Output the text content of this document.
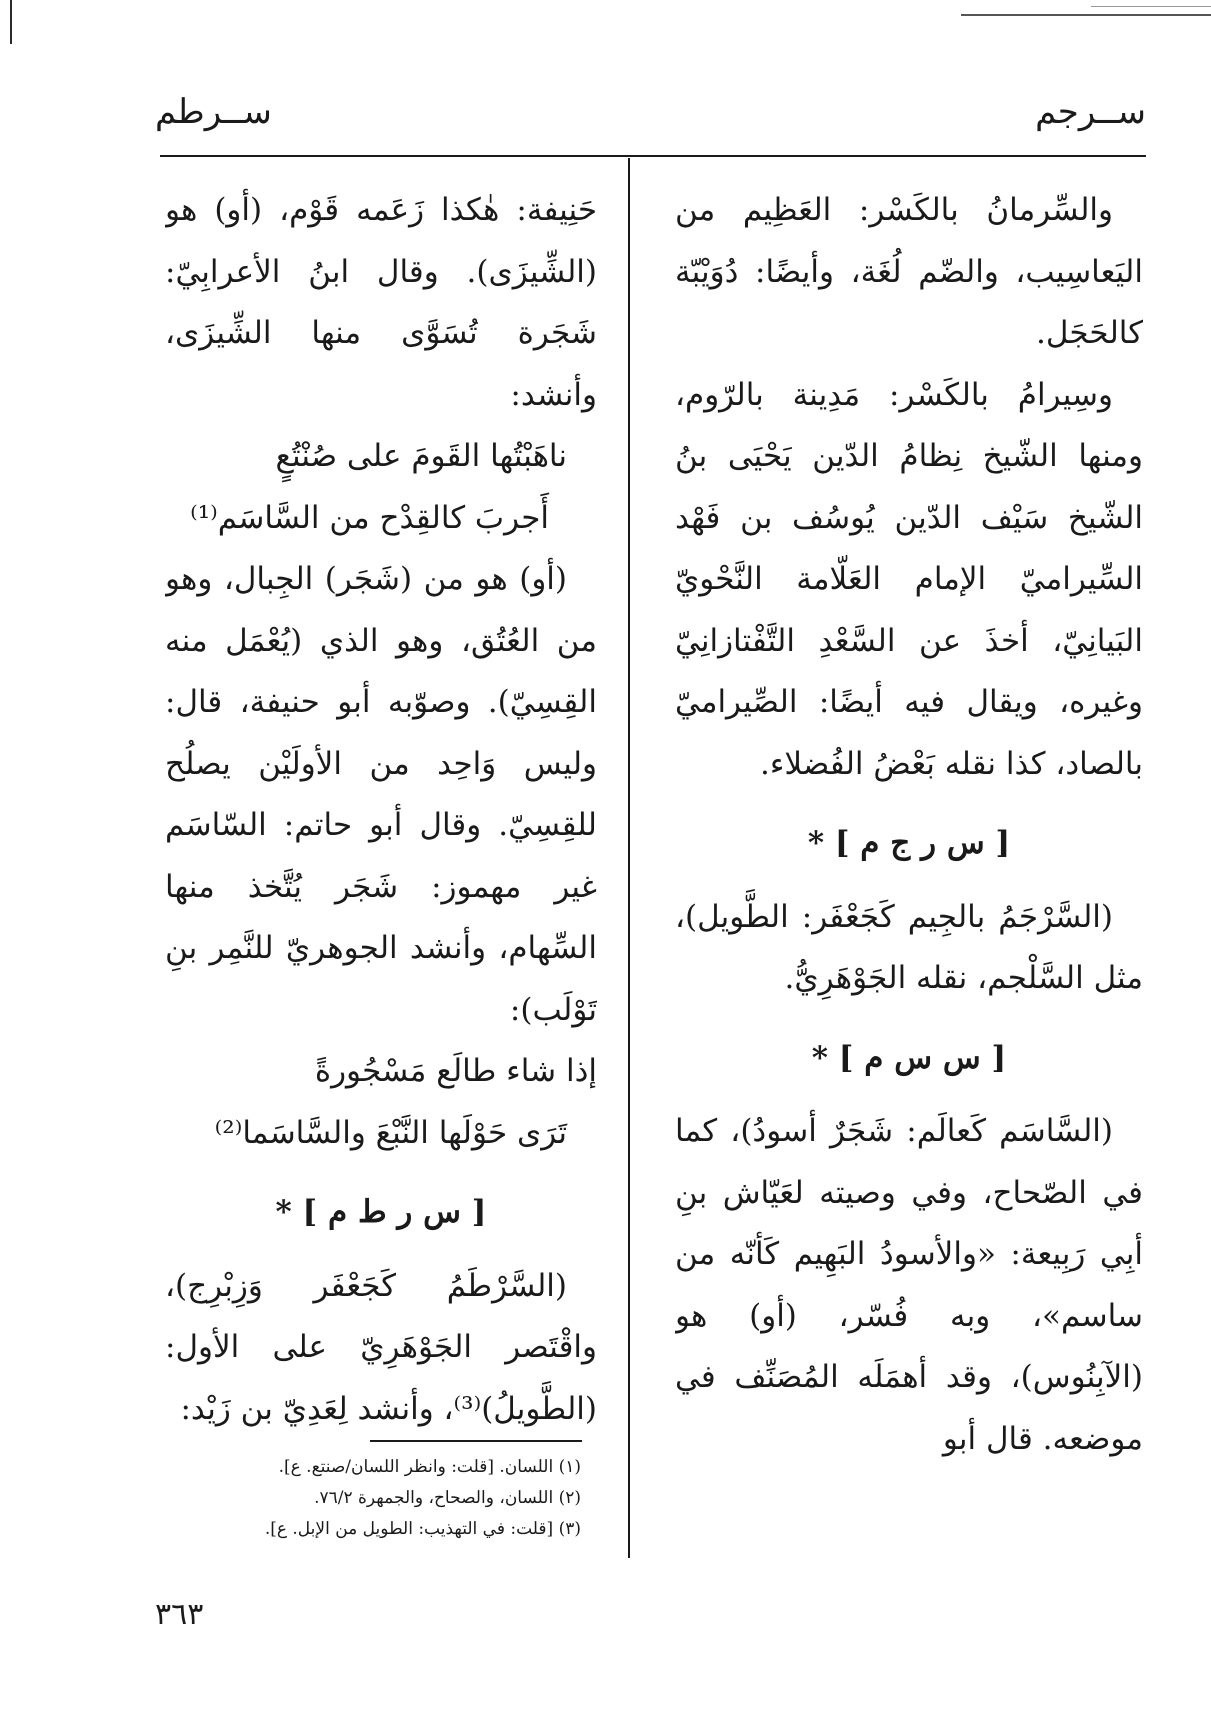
ســرجم
ســرطم

والسِّرمانُ بالكَسْر: العَظِيم من اليَعاسِيب، والضّم لُغَة، وأيضًا: دُوَيْبّة كالحَجَل.

وسِيرامُ بالكَسْر: مَدِينة بالرّوم، ومنها الشّيخ نِظامُ الدّين يَحْيَى بنُ الشّيخ سَيْف الدّين يُوسُف بن فَهْد السِّيراميّ الإمام العَلّامة النَّحْويّ البَيانِيّ، أخذَ عن السَّعْدِ التَّفْتازانِيّ وغيره، ويقال فيه أيضًا: الصِّيراميّ بالصاد، كذا نقله بَعْضُ الفُضلاء.

[ س ر ج م ] *

(السَّرْجَمُ بالجِيم كَجَعْفَر: الطَّويل)، مثل السَّلْجم، نقله الجَوْهَرِيُّ.

[ س س م ] *

(السَّاسَم كَعالَم: شَجَرٌ أسودُ)، كما في الصّحاح، وفي وصيته لعَيّاش بنِ أبِي رَبِيعة: «والأسودُ البَهِيم كَأنّه من ساسم»، وبه فُسّر، (أو) هو (الآبِنُوس)، وقد أهمَلَه المُصَنِّف في موضعه. قال أبو

حَنِيفة: هٰكذا زَعَمه قَوْم، (أو) هو (الشِّيزَى). وقال ابنُ الأعرابِيّ: شَجَرة تُسَوَّى منها الشِّيزَى، وأنشد:

ناهَبْتُها القَومَ على صُنْتُعٍ

أَجربَ كالقِدْح من السَّاسَم⁽¹⁾

(أو) هو من (شَجَر) الجِبال، وهو من العُتُق، وهو الذي (يُعْمَل منه القِسِيّ). وصوّبه أبو حنيفة، قال: وليس وَاحِد من الأولَيْن يصلُح للقِسِيّ. وقال أبو حاتم: السّاسَم غير مهموز: شَجَر يُتَّخذ منها السِّهام، وأنشد الجوهريّ للنَّمِر بنِ تَوْلَب):

إذا شاء طالَع مَسْجُورةً

تَرَى حَوْلَها النَّبْعَ والسَّاسَما⁽²⁾

[ س ر ط م ] *

(السَّرْطَمُ كَجَعْفَر وَزِبْرِج)، واقْتَصر الجَوْهَرِيّ على الأول: (الطَّويلُ)⁽³⁾، وأنشد لِعَدِيّ بن زَيْد:

(١) اللسان. [قلت: وانظر اللسان/صنتع. ع].
(٢) اللسان، والصحاح، والجمهرة ٧٦/٢.
(٣) [قلت: في التهذيب: الطويل من الإبل. ع].
٣٦٣
